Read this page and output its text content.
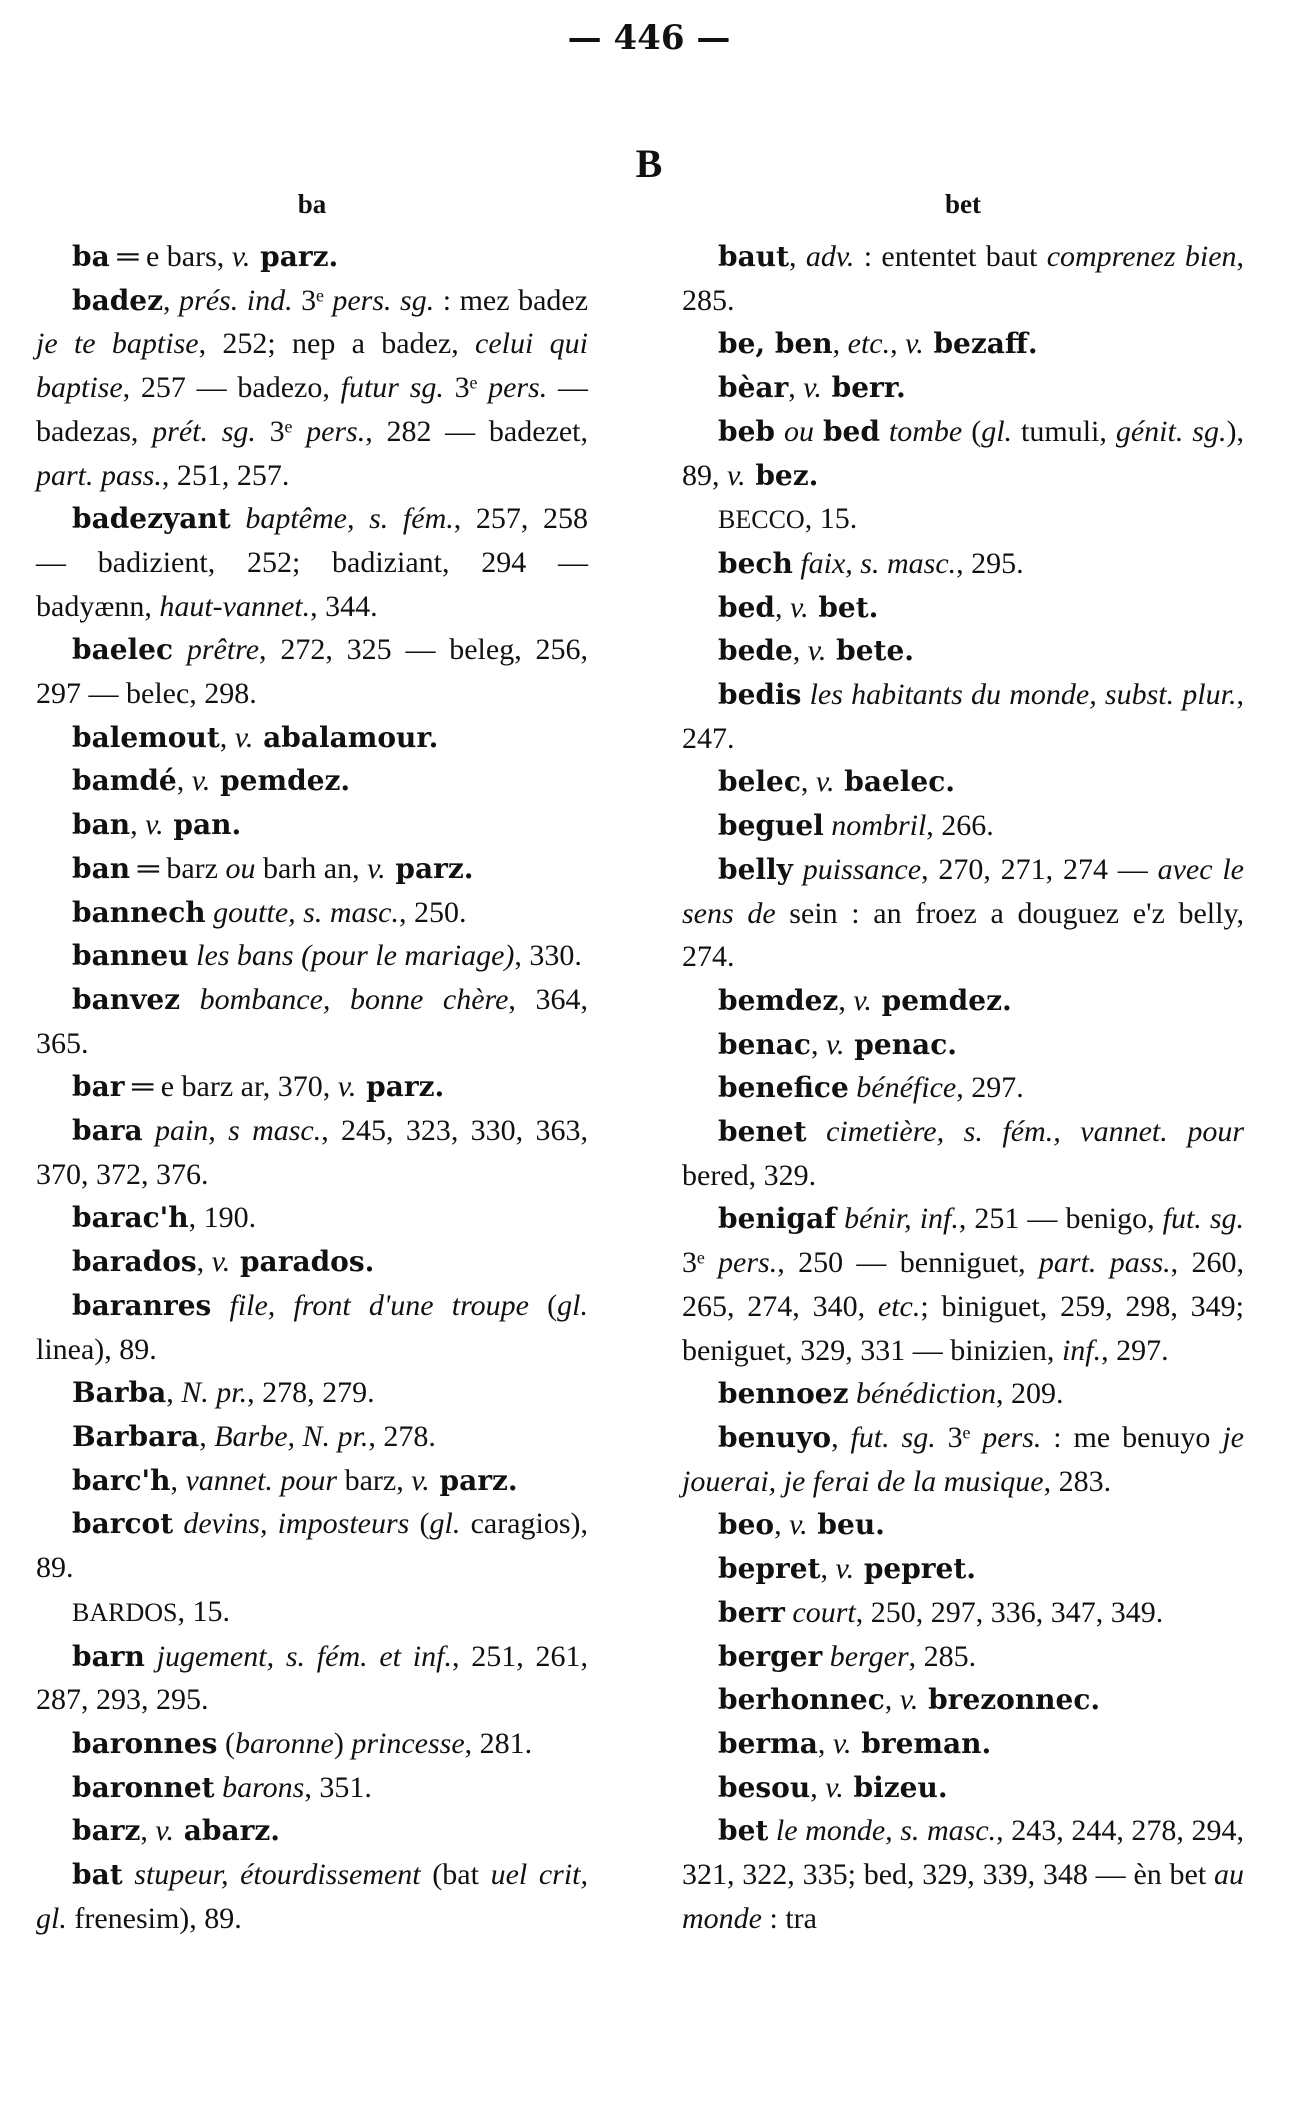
— 446 —
B
ba

ba ═ e bars, v. parz.

badez, prés. ind. 3ᵉ pers. sg. : mez badez je te baptise, 252; nep a badez, celui qui baptise, 257 — badezo, futur sg. 3ᵉ pers. — badezas, prét. sg. 3ᵉ pers., 282 — badezet, part. pass., 251, 257.

badezyant baptême, s. fém., 257, 258 — badizient, 252; badiziant, 294 — badyænn, haut-vannet., 344.

baelec prêtre, 272, 325 — beleg, 256, 297 — belec, 298.

balemout, v. abalamour.

bamdé, v. pemdez.

ban, v. pan.

ban ═ barz ou barh an, v. parz.

bannech goutte, s. masc., 250.

banneu les bans (pour le mariage), 330.

banvez bombance, bonne chère, 364, 365.

bar ═ e barz ar, 370, v. parz.

bara pain, s masc., 245, 323, 330, 363, 370, 372, 376.

barac'h, 190.

barados, v. parados.

baranres file, front d'une troupe (gl. linea), 89.

Barba, N. pr., 278, 279.

Barbara, Barbe, N. pr., 278.

barc'h, vannet. pour barz, v. parz.

barcot devins, imposteurs (gl. caragios), 89.

BARDOS, 15.

barn jugement, s. fém. et inf., 251, 261, 287, 293, 295.

baronnes (baronne) princesse, 281.

baronnet barons, 351.

barz, v. abarz.

bat stupeur, étourdissement (bat uel crit, gl. frenesim), 89.

bet

baut, adv. : ententet baut comprenez bien, 285.

be, ben, etc., v. bezaff.

bèar, v. berr.

beb ou bed tombe (gl. tumuli, génit. sg.), 89, v. bez.

BECCO, 15.

bech faix, s. masc., 295.

bed, v. bet.

bede, v. bete.

bedis les habitants du monde, subst. plur., 247.

belec, v. baelec.

beguel nombril, 266.

belly puissance, 270, 271, 274 — avec le sens de sein : an froez a douguez e'z belly, 274.

bemdez, v. pemdez.

benac, v. penac.

benefice bénéfice, 297.

benet cimetière, s. fém., vannet. pour bered, 329.

benigaf bénir, inf., 251 — benigo, fut. sg. 3ᵉ pers., 250 — benniguet, part. pass., 260, 265, 274, 340, etc.; biniguet, 259, 298, 349; beniguet, 329, 331 — binizien, inf., 297.

bennoez bénédiction, 209.

benuyo, fut. sg. 3ᵉ pers. : me benuyo je jouerai, je ferai de la musique, 283.

beo, v. beu.

bepret, v. pepret.

berr court, 250, 297, 336, 347, 349.

berger berger, 285.

berhonnec, v. brezonnec.

berma, v. breman.

besou, v. bizeu.

bet le monde, s. masc., 243, 244, 278, 294, 321, 322, 335; bed, 329, 339, 348 — èn bet au monde : tra
